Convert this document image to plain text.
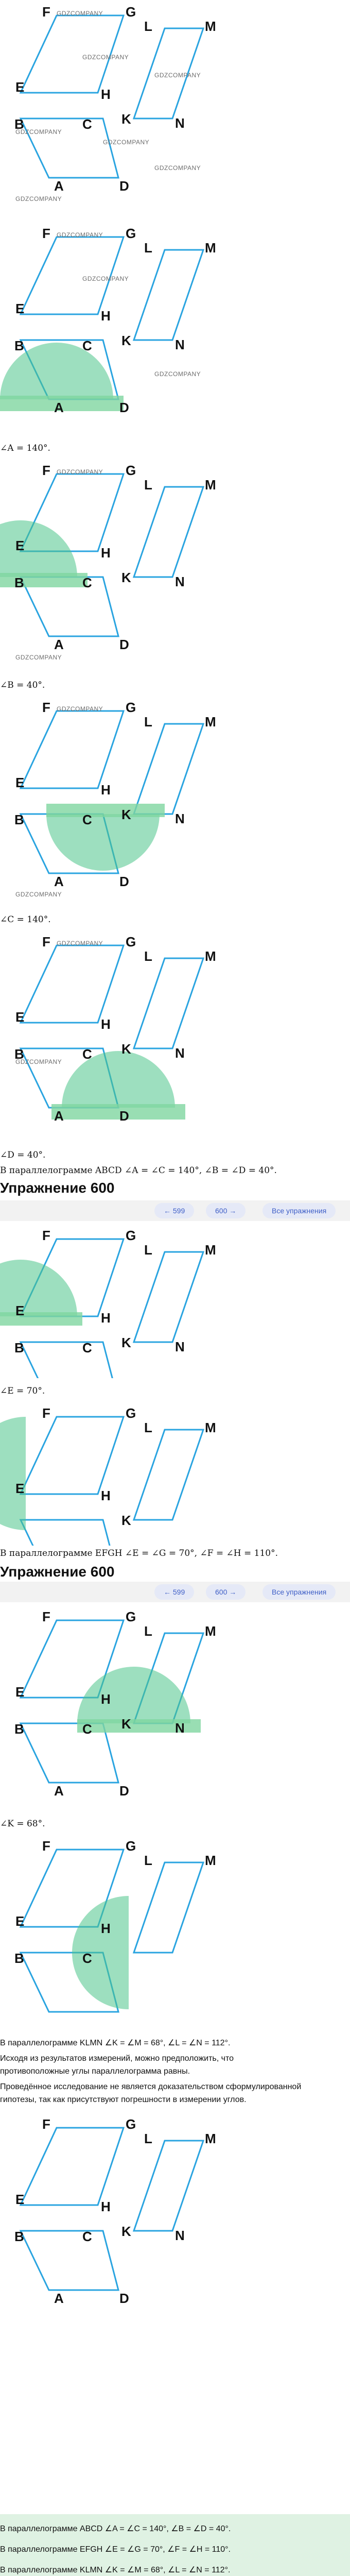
GDZCOMPANY
GDZCOMPANY
GDZCOMPANY
GDZCOMPANY
GDZCOMPANY
GDZCOMPANY
GDZCOMPANY
F	G
E	H
B	C
A	D
L	M
K	N
GDZCOMPANY
GDZCOMPANY
GDZCOMPANY
F	G
E	H
B	C
A	D
L	M
K	N
∠A = 140°.
GDZCOMPANY
GDZCOMPANY
F	G
E	H
B	C
A	D
L	M
K	N
∠B = 40°.
GDZCOMPANY
GDZCOMPANY
F	G
E	H
B	C
A	D
L	M
K	N
∠C = 140°.
GDZCOMPANY
GDZCOMPANY
F	G
E	H
B	C
A	D
L	M
K	N
∠D = 40°.
В параллелограмме ABCD ∠A = ∠C = 140°, ∠B = ∠D = 40°.
Упражнение 600
← 599	600 →	Все упражнения
F	G
E	H
B	C
L	M
K	N
∠E = 70°.
F	G
E	H
L	M
K
В параллелограмме EFGH ∠E = ∠G = 70°, ∠F = ∠H = 110°.
Упражнение 600
← 599	600 →	Все упражнения
F	G
E	H
B	C
A	D
L	M
K	N
∠K = 68°.
F	G
E	H
B	C
L	M
В параллелограмме KLMN ∠K = ∠M = 68°, ∠L = ∠N = 112°.
Исходя из результатов измерений, можно предположить, что
противоположные углы параллелограмма равны.
Проведённое исследование не является доказательством сформулированной
гипотезы, так как присутствуют погрешности в измерении углов.
F	G
E	H
B	C
A	D
L	M
K	N

В параллелограмме ABCD ∠A = ∠C = 140°, ∠B = ∠D = 40°.

В параллелограмме EFGH ∠E = ∠G = 70°, ∠F = ∠H = 110°.

В параллелограмме KLMN ∠K = ∠M = 68°, ∠L = ∠N = 112°.
